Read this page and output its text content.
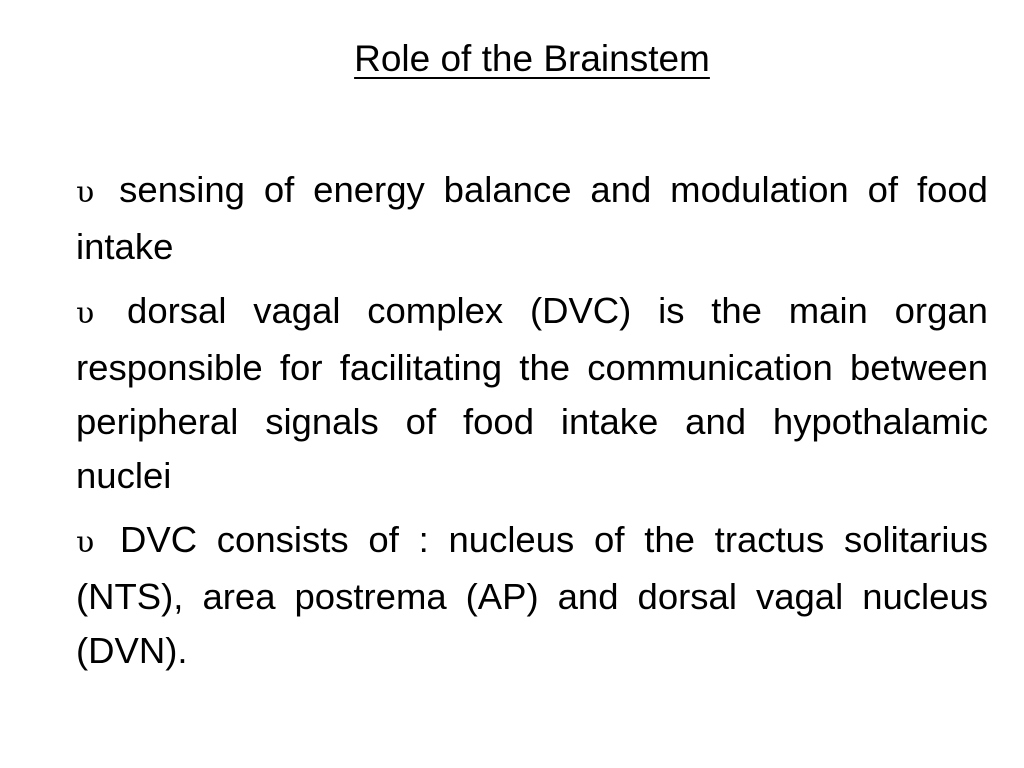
Role of the Brainstem
υ sensing of energy balance and modulation of food intake
υ dorsal vagal complex (DVC) is the main organ responsible for facilitating the communication between peripheral signals of food intake and hypothalamic nuclei
υ DVC consists of : nucleus of the tractus solitarius (NTS), area postrema (AP) and dorsal vagal nucleus (DVN).
